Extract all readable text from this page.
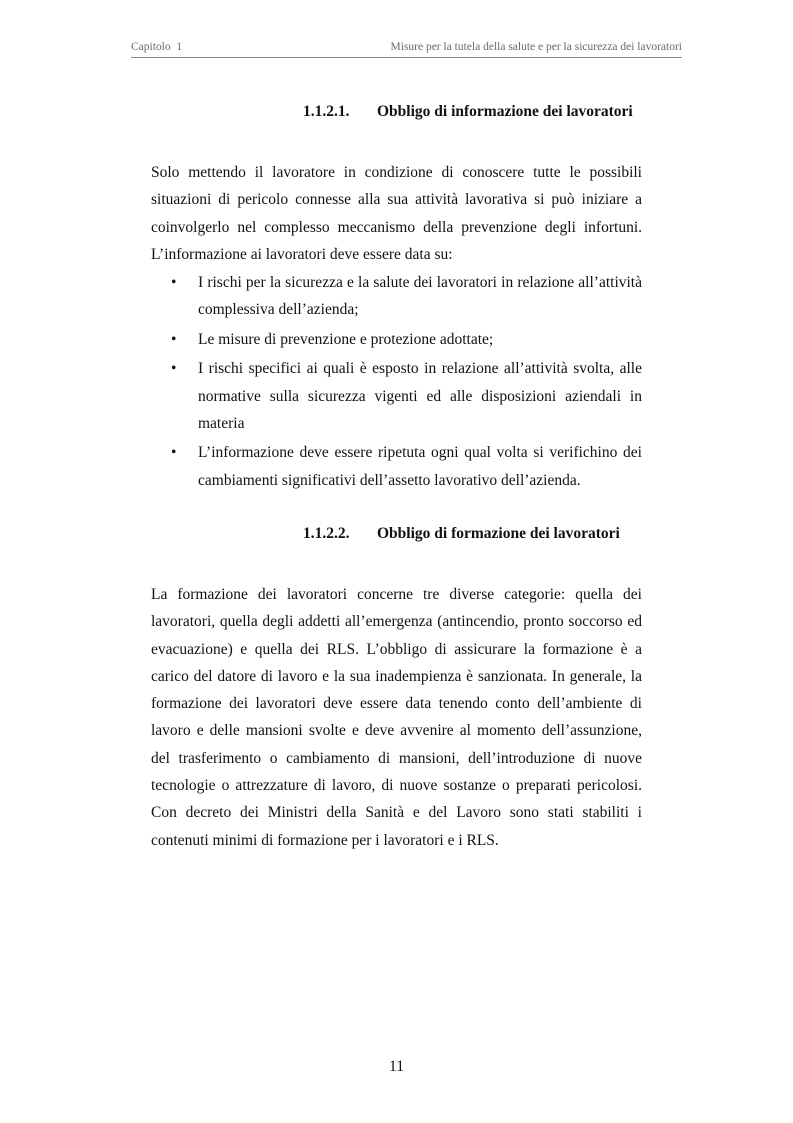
Capitolo  1	Misure per la tutela della salute e per la sicurezza dei lavoratori
1.1.2.1. Obbligo di informazione dei lavoratori

Solo mettendo il lavoratore in condizione di conoscere tutte le possibili situazioni di pericolo connesse alla sua attività lavorativa si può iniziare a coinvolgerlo nel complesso meccanismo della prevenzione degli infortuni. L’informazione ai lavoratori deve essere data su:

• I rischi per la sicurezza e la salute dei lavoratori in relazione all’attività complessiva dell’azienda;
• Le misure di prevenzione e protezione adottate;
• I rischi specifici ai quali è esposto in relazione all’attività svolta, alle normative sulla sicurezza vigenti ed alle disposizioni aziendali in materia
• L’informazione deve essere ripetuta ogni qual volta si verifichino dei cambiamenti significativi dell’assetto lavorativo dell’azienda.
1.1.2.2. Obbligo di formazione dei lavoratori

La formazione dei lavoratori concerne tre diverse categorie: quella dei lavoratori, quella degli addetti all’emergenza (antincendio, pronto soccorso ed evacuazione) e quella dei RLS. L’obbligo di assicurare la formazione è a carico del datore di lavoro e la sua inadempienza è sanzionata. In generale, la formazione dei lavoratori deve essere data tenendo conto dell’ambiente di lavoro e delle mansioni svolte e deve avvenire al momento dell’assunzione, del trasferimento o cambiamento di mansioni, dell’introduzione di nuove tecnologie o attrezzature di lavoro, di nuove sostanze o preparati pericolosi. Con decreto dei Ministri della Sanità e del Lavoro sono stati stabiliti i contenuti minimi di formazione per i lavoratori e i RLS.

11
